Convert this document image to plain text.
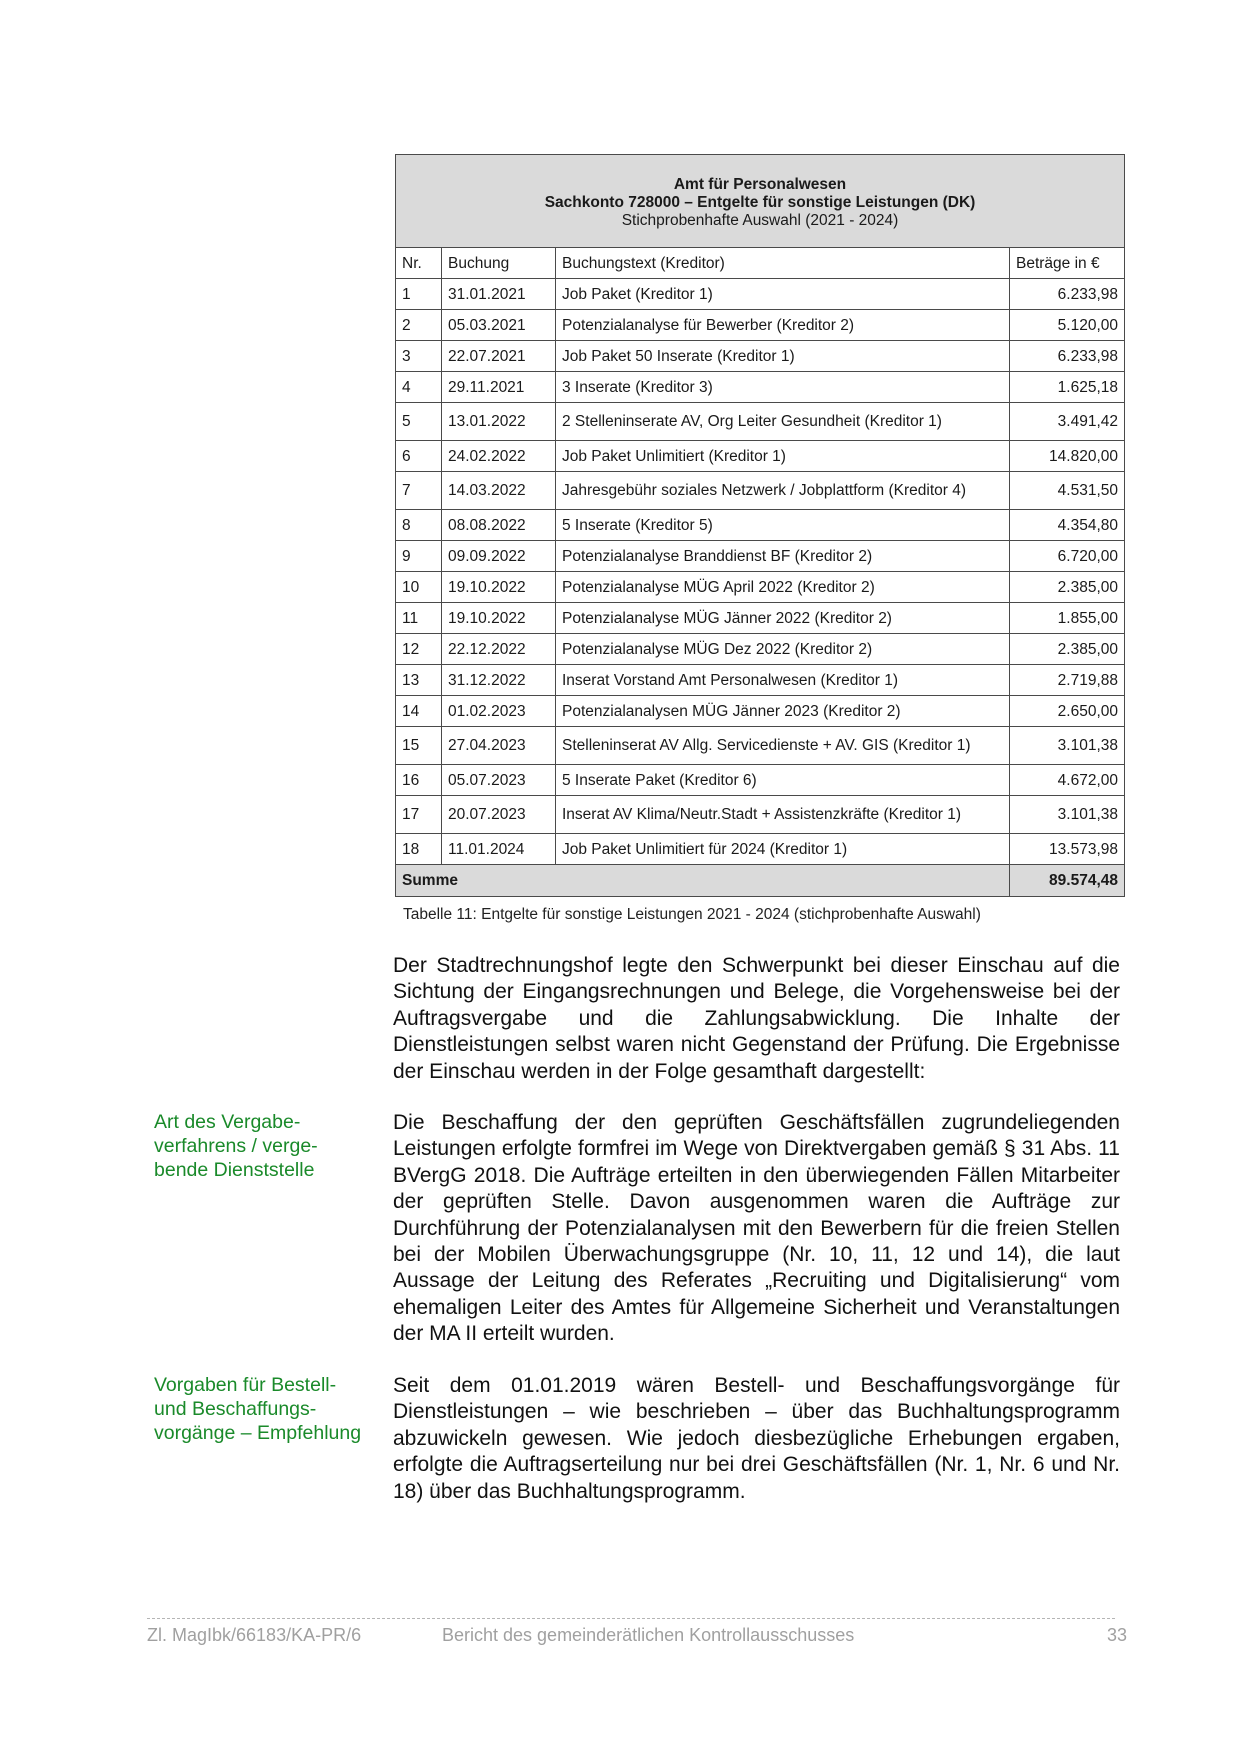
Amt für Personalwesen
Sachkonto 728000 – Entgelte für sonstige Leistungen (DK)
Stichprobenhafte Auswahl (2021 - 2024)			

Nr.	Buchung	Buchungstext (Kreditor)	Beträge in €
1	31.01.2021	Job Paket (Kreditor 1)	6.233,98
2	05.03.2021	Potenzialanalyse für Bewerber (Kreditor 2)	5.120,00
3	22.07.2021	Job Paket 50 Inserate (Kreditor 1)	6.233,98
4	29.11.2021	3 Inserate (Kreditor 3)	1.625,18
5	13.01.2022	2 Stelleninserate AV, Org Leiter Gesundheit (Kreditor 1)	3.491,42
6	24.02.2022	Job Paket Unlimitiert (Kreditor 1)	14.820,00
7	14.03.2022	Jahresgebühr soziales Netzwerk / Jobplattform (Kreditor 4)	4.531,50
8	08.08.2022	5 Inserate (Kreditor 5)	4.354,80
9	09.09.2022	Potenzialanalyse Branddienst BF (Kreditor 2)	6.720,00
10	19.10.2022	Potenzialanalyse MÜG April 2022 (Kreditor 2)	2.385,00
11	19.10.2022	Potenzialanalyse MÜG Jänner 2022 (Kreditor 2)	1.855,00
12	22.12.2022	Potenzialanalyse MÜG Dez 2022 (Kreditor 2)	2.385,00
13	31.12.2022	Inserat Vorstand Amt Personalwesen (Kreditor 1)	2.719,88
14	01.02.2023	Potenzialanalysen MÜG Jänner 2023 (Kreditor 2)	2.650,00
15	27.04.2023	Stelleninserat AV Allg. Servicedienste + AV. GIS (Kreditor 1)	3.101,38
16	05.07.2023	5 Inserate Paket (Kreditor 6)	4.672,00
17	20.07.2023	Inserat AV Klima/Neutr.Stadt + Assistenzkräfte (Kreditor 1)	3.101,38
18	11.01.2024	Job Paket Unlimitiert für 2024 (Kreditor 1)	13.573,98
Summe			89.574,48
Tabelle 11: Entgelte für sonstige Leistungen 2021 - 2024 (stichprobenhafte Auswahl)

Der Stadtrechnungshof legte den Schwerpunkt bei dieser Einschau auf die Sichtung der Eingangsrechnungen und Belege, die Vorgehensweise bei der Auftragsvergabe und die Zahlungsabwicklung. Die Inhalte der Dienstleistungen selbst waren nicht Gegenstand der Prüfung. Die Ergebnisse der Einschau werden in der Folge gesamthaft dargestellt:

Art des Vergabe-verfahrens / verge-bende Dienststelle

Die Beschaffung der den geprüften Geschäftsfällen zugrundeliegenden Leistungen erfolgte formfrei im Wege von Direktvergaben gemäß § 31 Abs. 11 BVergG 2018. Die Aufträge erteilten in den überwiegenden Fällen Mitarbeiter der geprüften Stelle. Davon ausgenommen waren die Aufträge zur Durchführung der Potenzialanalysen mit den Bewerbern für die freien Stellen bei der Mobilen Überwachungsgruppe (Nr. 10, 11, 12 und 14), die laut Aussage der Leitung des Referates „Recruiting und Digitalisierung“ vom ehemaligen Leiter des Amtes für Allgemeine Sicherheit und Veranstaltungen der MA II erteilt wurden.

Vorgaben für Bestell- und Beschaffungs-vorgänge – Empfehlung

Seit dem 01.01.2019 wären Bestell- und Beschaffungsvorgänge für Dienstleistungen – wie beschrieben – über das Buchhaltungsprogramm abzuwickeln gewesen. Wie jedoch diesbezügliche Erhebungen ergaben, erfolgte die Auftragserteilung nur bei drei Geschäftsfällen (Nr. 1, Nr. 6 und Nr. 18) über das Buchhaltungsprogramm.

Zl. MagIbk/66183/KA-PR/6	Bericht des gemeinderätlichen Kontrollausschusses	33
